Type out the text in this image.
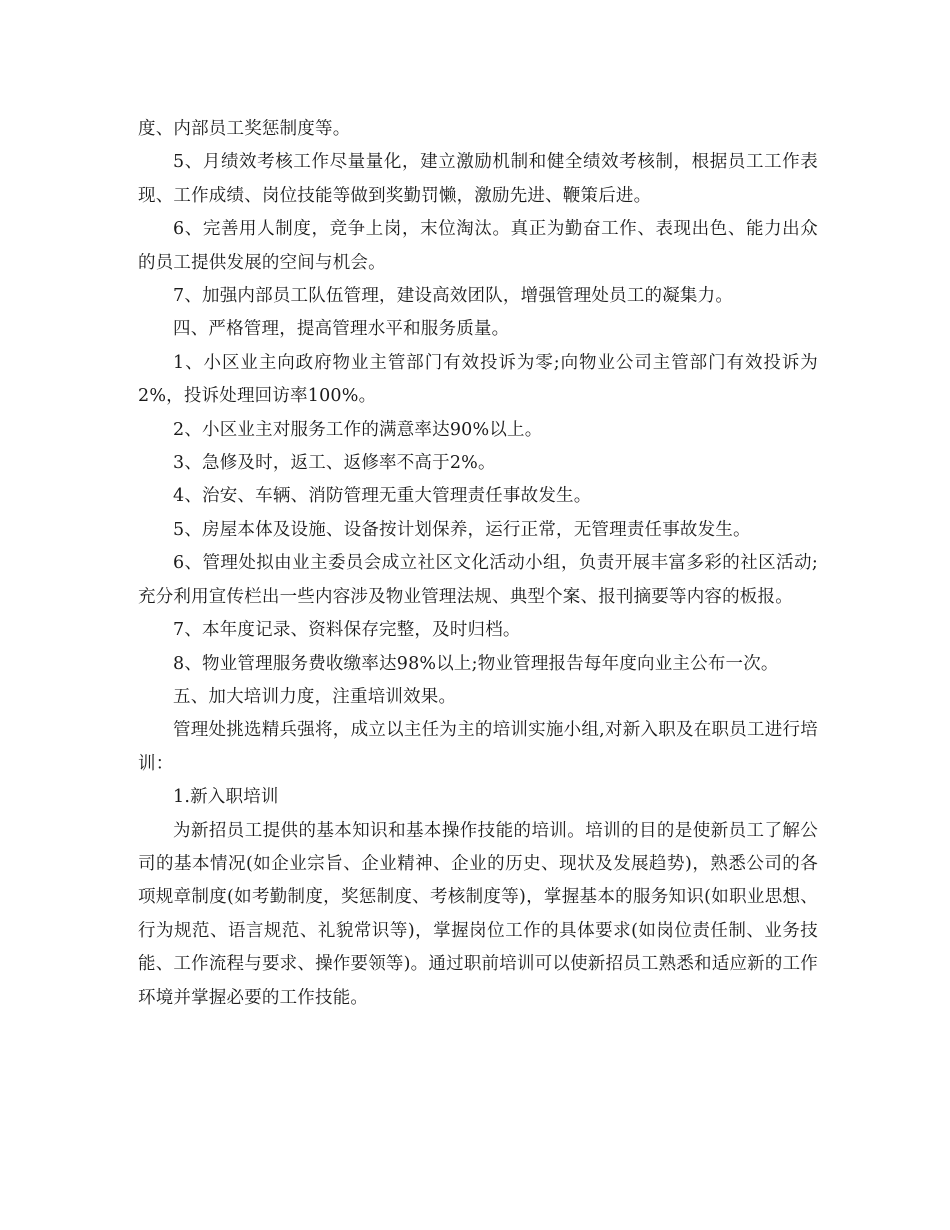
度、内部员工奖惩制度等。

5、月绩效考核工作尽量量化，建立激励机制和健全绩效考核制，根据员工工作表现、工作成绩、岗位技能等做到奖勤罚懒，激励先进、鞭策后进。

6、完善用人制度，竞争上岗，末位淘汰。真正为勤奋工作、表现出色、能力出众的员工提供发展的空间与机会。

7、加强内部员工队伍管理，建设高效团队，增强管理处员工的凝集力。

四、严格管理，提高管理水平和服务质量。

1、小区业主向政府物业主管部门有效投诉为零;向物业公司主管部门有效投诉为2%，投诉处理回访率100%。

2、小区业主对服务工作的满意率达90%以上。

3、急修及时，返工、返修率不高于2%。

4、治安、车辆、消防管理无重大管理责任事故发生。

5、房屋本体及设施、设备按计划保养，运行正常，无管理责任事故发生。

6、管理处拟由业主委员会成立社区文化活动小组，负责开展丰富多彩的社区活动;充分利用宣传栏出一些内容涉及物业管理法规、典型个案、报刊摘要等内容的板报。

7、本年度记录、资料保存完整，及时归档。

8、物业管理服务费收缴率达98%以上;物业管理报告每年度向业主公布一次。

五、加大培训力度，注重培训效果。

管理处挑选精兵强将，成立以主任为主的培训实施小组,对新入职及在职员工进行培训：

1.新入职培训

为新招员工提供的基本知识和基本操作技能的培训。培训的目的是使新员工了解公司的基本情况(如企业宗旨、企业精神、企业的历史、现状及发展趋势)，熟悉公司的各项规章制度(如考勤制度，奖惩制度、考核制度等)，掌握基本的服务知识(如职业思想、行为规范、语言规范、礼貌常识等)，掌握岗位工作的具体要求(如岗位责任制、业务技能、工作流程与要求、操作要领等)。通过职前培训可以使新招员工熟悉和适应新的工作环境并掌握必要的工作技能。
